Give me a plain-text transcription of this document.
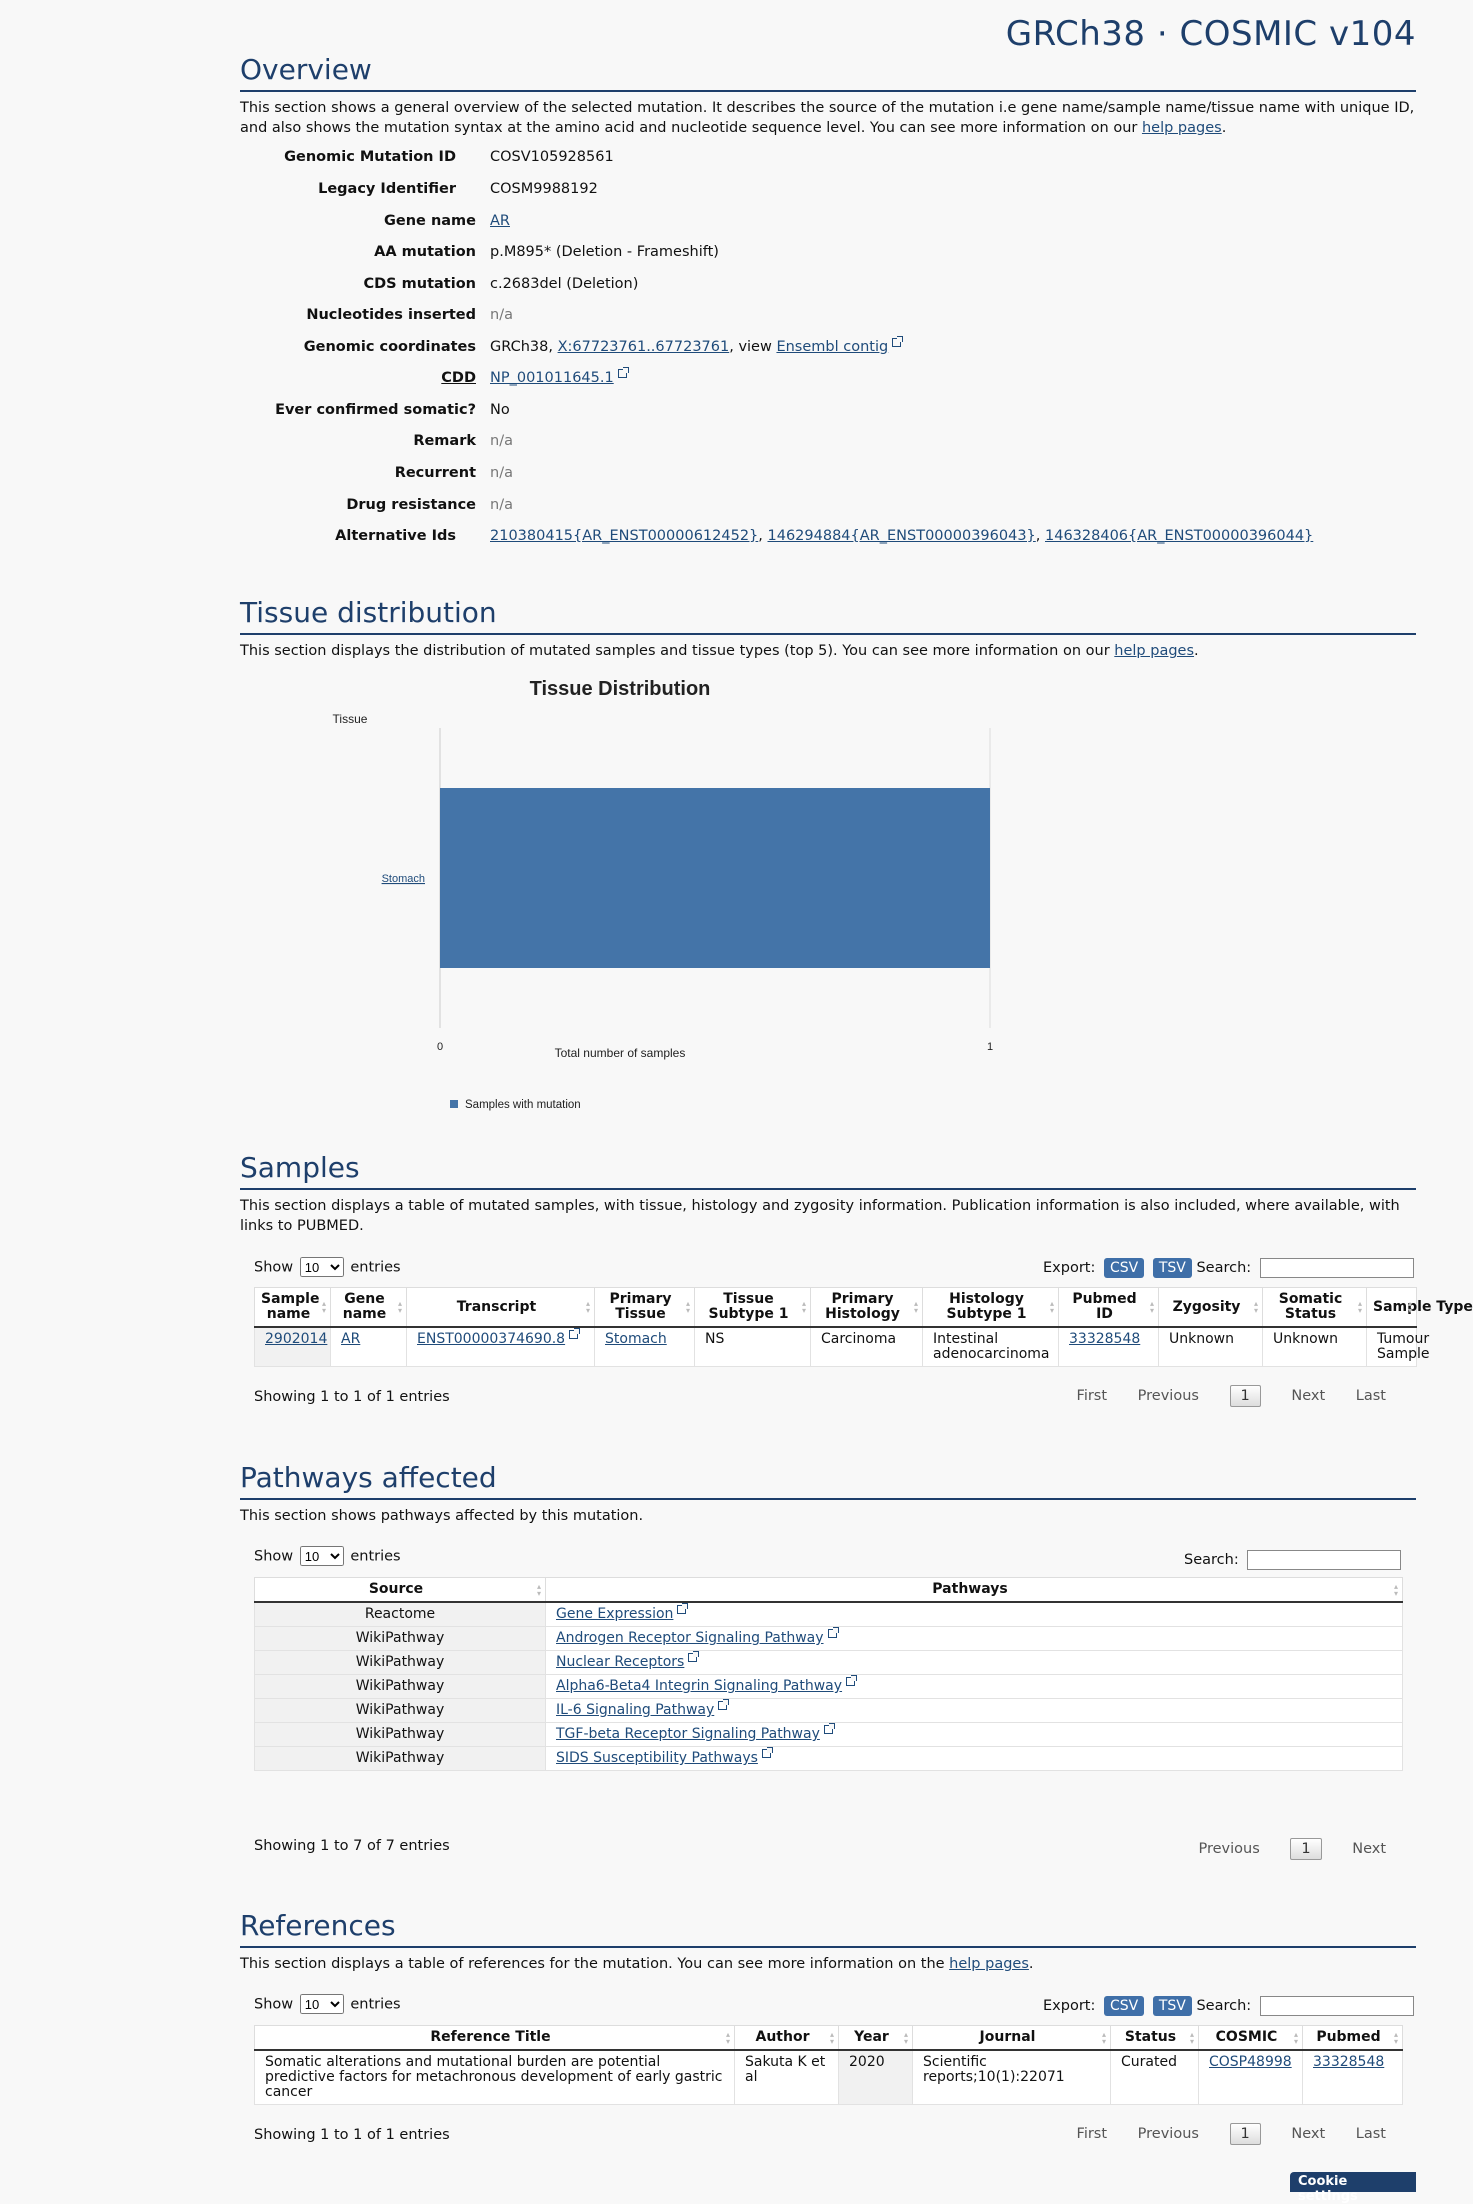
GRCh38 · COSMIC v104
Overview

This section shows a general overview of the selected mutation. It describes the source of the mutation i.e gene name/sample name/tissue name with unique ID, and also shows the mutation syntax at the amino acid and nucleotide sequence level. You can see more information on our help pages.

Genomic Mutation ID COSV105928561
Legacy Identifier COSM9988192
Gene name AR
AA mutation p.M895* (Deletion - Frameshift)
CDS mutation c.2683del (Deletion)
Nucleotides inserted n/a
Genomic coordinates GRCh38, X:67723761..67723761, view Ensembl contig
CDD NP_001011645.1
Ever confirmed somatic? No
Remark n/a
Recurrent n/a
Drug resistance n/a
Alternative Ids 210380415{AR_ENST00000612452}, 146294884{AR_ENST00000396043}, 146328406{AR_ENST00000396044}
Tissue distribution

This section displays the distribution of mutated samples and tissue types (top 5). You can see more information on our help pages.

Tissue Distribution
Tissue
Total number of samples
0	1
Stomach
Samples with mutation
Samples

This section displays a table of mutated samples, with tissue, histology and zygosity information. Publication information is also included, where available, with links to PUBMED.

Show
10	entries	Export: CSV TSV Search:
Sample name ▴ ▾	Gene name ▴ ▾	Transcript ▴ ▾	Primary Tissue ▴ ▾	Tissue Subtype 1 ▴ ▾	Primary Histology ▴ ▾	Histology Subtype 1 ▴ ▾	Pubmed ID ▴ ▾	Zygosity ▴ ▾	Somatic Status ▴ ▾	Sample Type ▴ ▾
2902014	AR	ENST00000374690.8	Stomach	NS	Carcinoma	Intestinal adenocarcinoma	33328548	Unknown	Unknown	Tumour Sample
Showing 1 to 1 of 1 entries	First Previous	1	Next Last
Pathways affected

This section shows pathways affected by this mutation.

Show
10	entries	Search:
Source ▴ ▾	Pathways ▴ ▾
Reactome	Gene Expression
WikiPathway	Androgen Receptor Signaling Pathway
WikiPathway	Nuclear Receptors
WikiPathway	Alpha6-Beta4 Integrin Signaling Pathway
WikiPathway	IL-6 Signaling Pathway
WikiPathway	TGF-beta Receptor Signaling Pathway
WikiPathway	SIDS Susceptibility Pathways
Showing 1 to 7 of 7 entries	Previous	1	Next
References

This section displays a table of references for the mutation. You can see more information on the help pages.

Show
10	entries	Export: CSV TSV Search:
Reference Title ▴ ▾	Author ▴ ▾	Year ▴ ▾	Journal ▴ ▾	Status ▴ ▾	COSMIC ▴ ▾	Pubmed ▴ ▾
Somatic alterations and mutational burden are potential predictive factors for metachronous development of early gastric cancer	Sakuta K et al	2020	Scientific reports;10(1):22071	Curated	COSP48998	33328548
Showing 1 to 1 of 1 entries	First Previous	1	Next Last
Cookie settings
